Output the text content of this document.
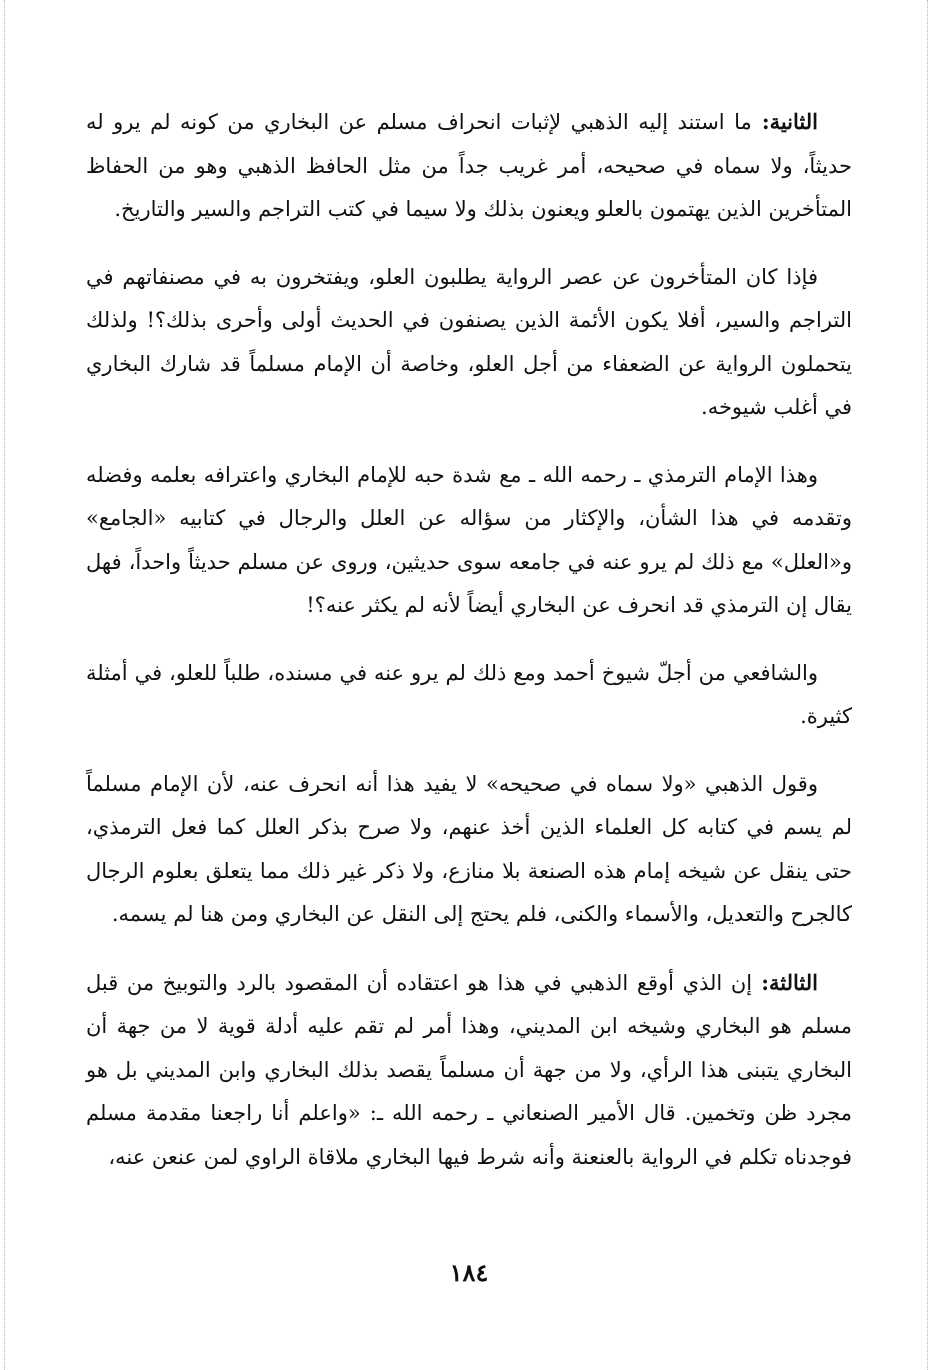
الثانية: ما استند إليه الذهبي لإثبات انحراف مسلم عن البخاري من كونه لم يرو له حديثاً، ولا سماه في صحيحه، أمر غريب جداً من مثل الحافظ الذهبي وهو من الحفاظ المتأخرين الذين يهتمون بالعلو ويعنون بذلك ولا سيما في كتب التراجم والسير والتاريخ.

فإذا كان المتأخرون عن عصر الرواية يطلبون العلو، ويفتخرون به في مصنفاتهم في التراجم والسير، أفلا يكون الأئمة الذين يصنفون في الحديث أولى وأحرى بذلك؟! ولذلك يتحملون الرواية عن الضعفاء من أجل العلو، وخاصة أن الإمام مسلماً قد شارك البخاري في أغلب شيوخه.

وهذا الإمام الترمذي ـ رحمه الله ـ مع شدة حبه للإمام البخاري واعترافه بعلمه وفضله وتقدمه في هذا الشأن، والإكثار من سؤاله عن العلل والرجال في كتابيه «الجامع» و«العلل» مع ذلك لم يرو عنه في جامعه سوى حديثين، وروى عن مسلم حديثاً واحداً، فهل يقال إن الترمذي قد انحرف عن البخاري أيضاً لأنه لم يكثر عنه؟!

والشافعي من أجلّ شيوخ أحمد ومع ذلك لم يرو عنه في مسنده، طلباً للعلو، في أمثلة كثيرة.

وقول الذهبي «ولا سماه في صحيحه» لا يفيد هذا أنه انحرف عنه، لأن الإمام مسلماً لم يسم في كتابه كل العلماء الذين أخذ عنهم، ولا صرح بذكر العلل كما فعل الترمذي، حتى ينقل عن شيخه إمام هذه الصنعة بلا منازع، ولا ذكر غير ذلك مما يتعلق بعلوم الرجال كالجرح والتعديل، والأسماء والكنى، فلم يحتج إلى النقل عن البخاري ومن هنا لم يسمه.

الثالثة: إن الذي أوقع الذهبي في هذا هو اعتقاده أن المقصود بالرد والتوبيخ من قبل مسلم هو البخاري وشيخه ابن المديني، وهذا أمر لم تقم عليه أدلة قوية لا من جهة أن البخاري يتبنى هذا الرأي، ولا من جهة أن مسلماً يقصد بذلك البخاري وابن المديني بل هو مجرد ظن وتخمين. قال الأمير الصنعاني ـ رحمه الله ـ: «واعلم أنا راجعنا مقدمة مسلم فوجدناه تكلم في الرواية بالعنعنة وأنه شرط فيها البخاري ملاقاة الراوي لمن عنعن عنه،

١٨٤
